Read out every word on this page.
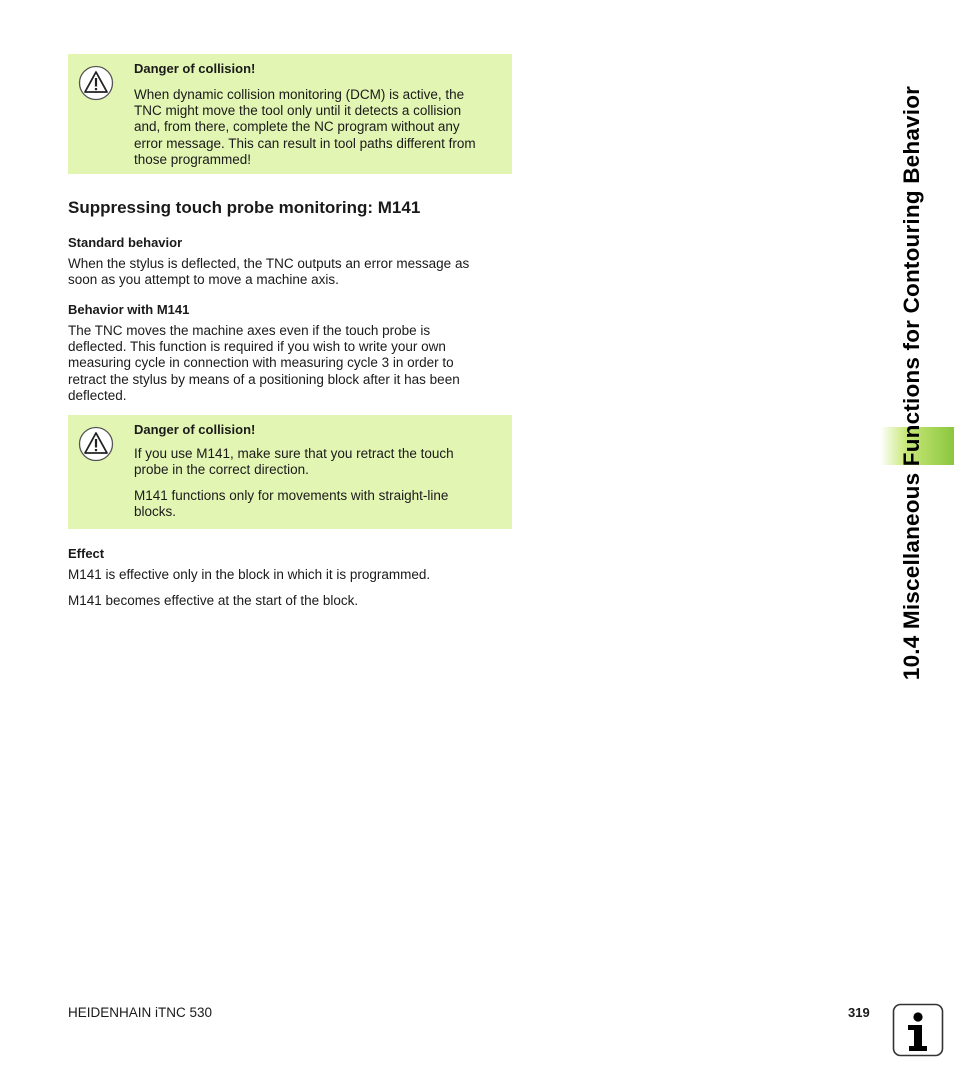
Danger of collision!

When dynamic collision monitoring (DCM) is active, the
TNC might move the tool only until it detects a collision
and, from there, complete the NC program without any
error message. This can result in tool paths different from
those programmed!

Suppressing touch probe monitoring: M141
Standard behavior

When the stylus is deflected, the TNC outputs an error message as
soon as you attempt to move a machine axis.

Behavior with M141

The TNC moves the machine axes even if the touch probe is
deflected. This function is required if you wish to write your own
measuring cycle in connection with measuring cycle 3 in order to
retract the stylus by means of a positioning block after it has been
deflected.

Danger of collision!

If you use M141, make sure that you retract the touch
probe in the correct direction.

M141 functions only for movements with straight-line
blocks.

Effect

M141 is effective only in the block in which it is programmed.

M141 becomes effective at the start of the block.	10.4 Miscellaneous Functions for Contouring Behavior
HEIDENHAIN iTNC 530	319
